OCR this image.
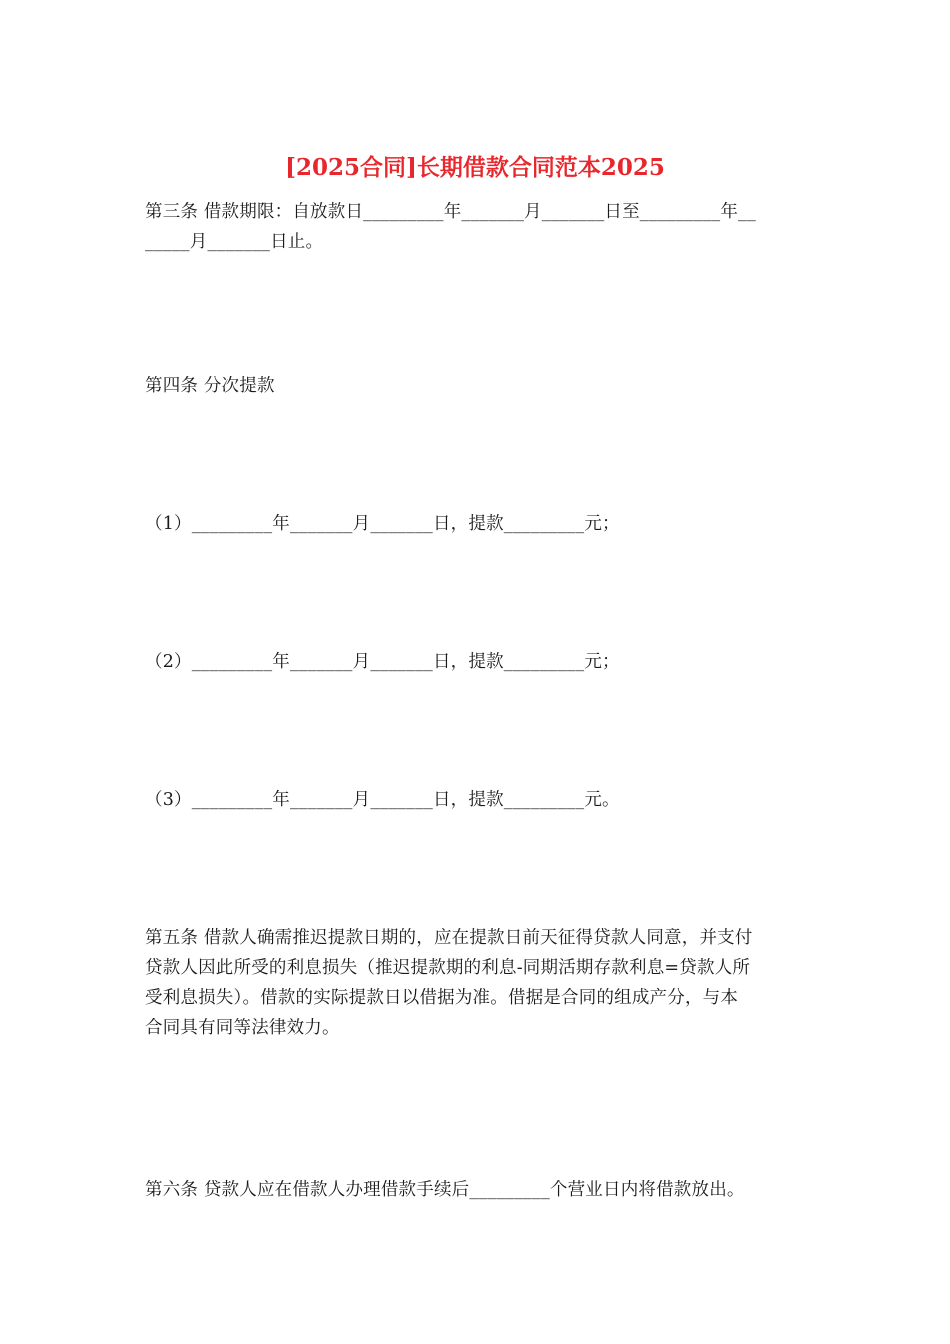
[2025合同]长期借款合同范本2025
第三条 借款期限：自放款日_________年_______月_______日至_________年__
_____月_______日止。
第四条 分次提款
（1）_________年_______月_______日，提款_________元；
（2）_________年_______月_______日，提款_________元；
（3）_________年_______月_______日，提款_________元。
第五条 借款人确需推迟提款日期的，应在提款日前天征得贷款人同意，并支付
贷款人因此所受的利息损失（推迟提款期的利息-同期活期存款利息=贷款人所
受利息损失）。借款的实际提款日以借据为准。借据是合同的组成产分，与本
合同具有同等法律效力。
第六条 贷款人应在借款人办理借款手续后_________个营业日内将借款放出。
